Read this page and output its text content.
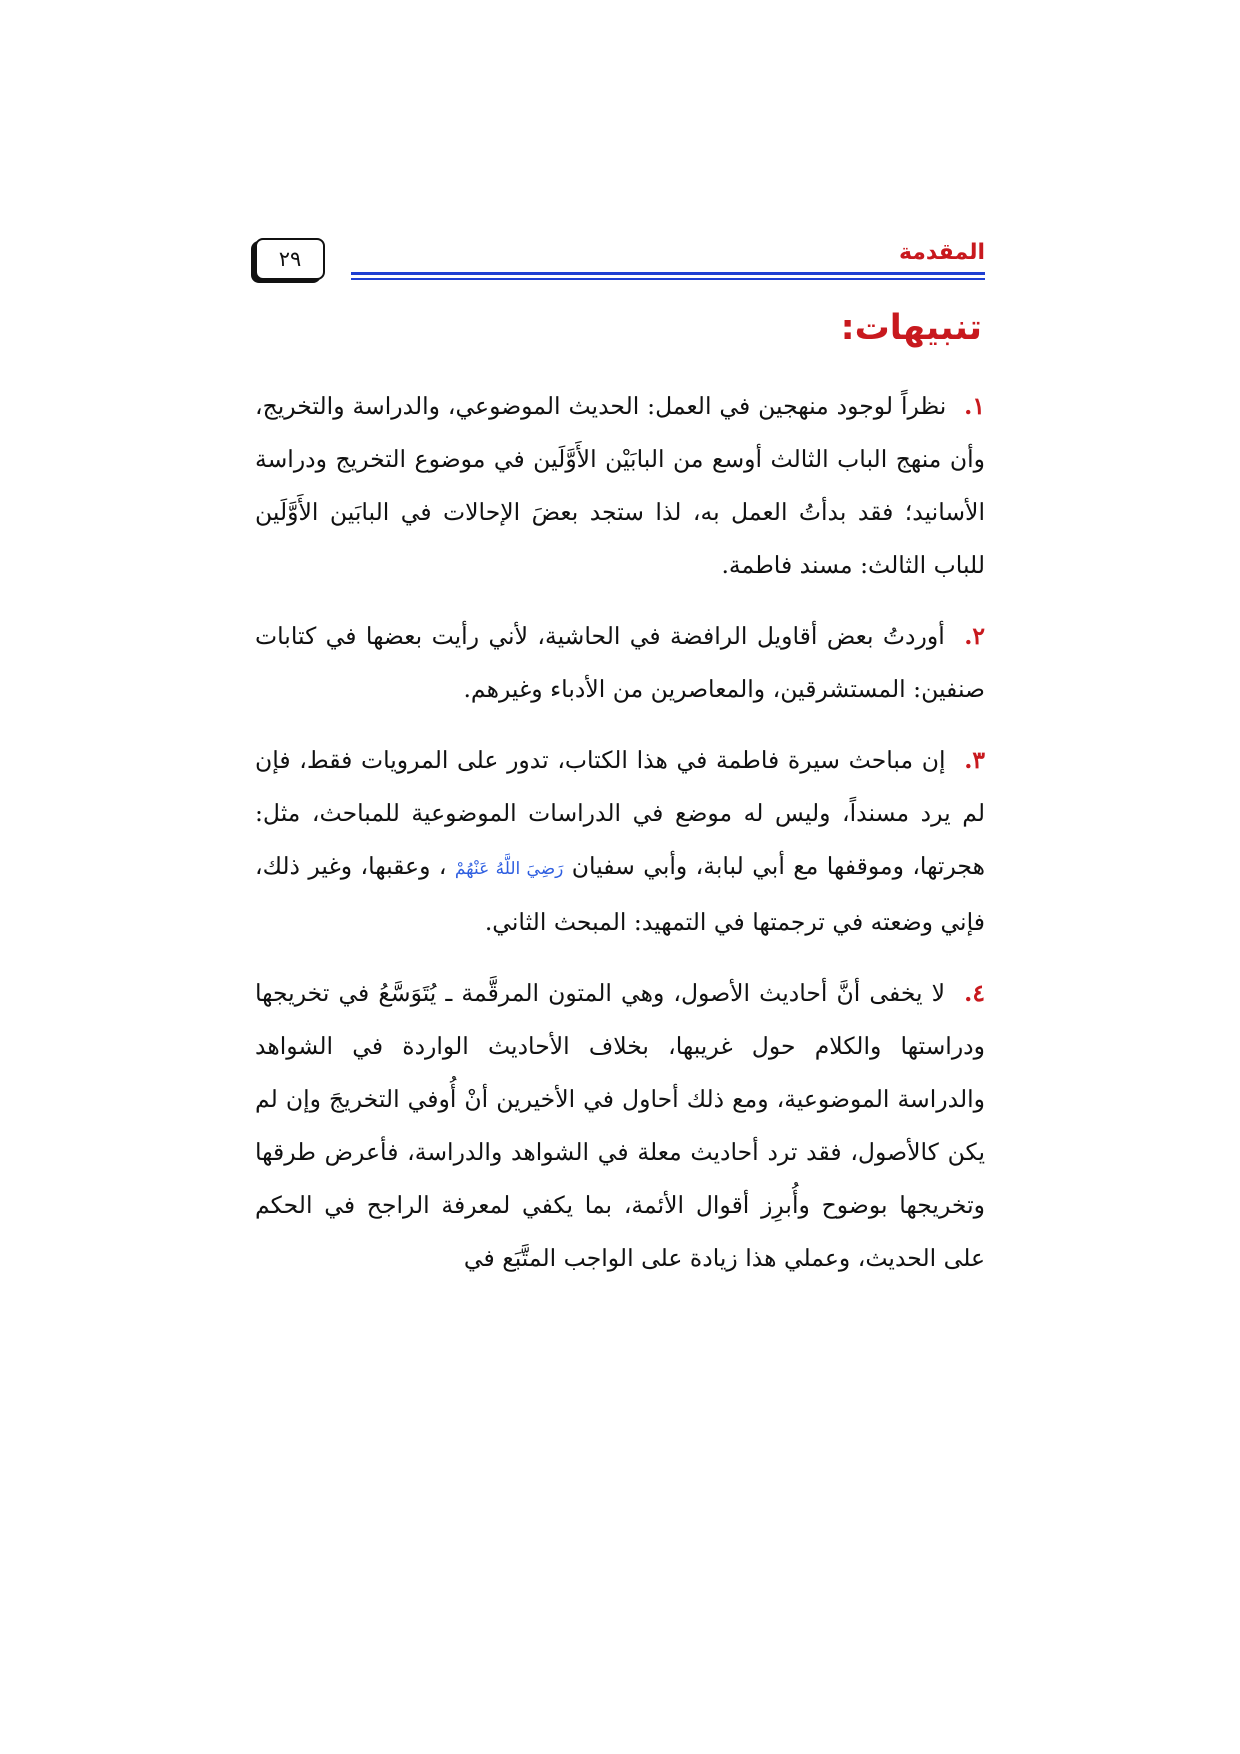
٢٩	المقدمة
تنبيهات:

١. نظراً لوجود منهجين في العمل: الحديث الموضوعي، والدراسة والتخريج، وأن منهج الباب الثالث أوسع من البابَيْن الأَوَّلَين في موضوع التخريج ودراسة الأسانيد؛ فقد بدأتُ العمل به، لذا ستجد بعضَ الإحالات في البابَين الأَوَّلَين للباب الثالث: مسند فاطمة.

٢. أوردتُ بعض أقاويل الرافضة في الحاشية، لأني رأيت بعضها في كتابات صنفين: المستشرقين، والمعاصرين من الأدباء وغيرهم.

٣. إن مباحث سيرة فاطمة في هذا الكتاب، تدور على المرويات فقط، فإن لم يرد مسنداً، وليس له موضع في الدراسات الموضوعية للمباحث، مثل: هجرتها، وموقفها مع أبي لبابة، وأبي سفيان رَضِيَ اللَّهُ عَنْهُمْ ، وعقبها، وغير ذلك، فإني وضعته في ترجمتها في التمهيد: المبحث الثاني.

٤. لا يخفى أنَّ أحاديث الأصول، وهي المتون المرقَّمة ـ يُتَوَسَّعُ في تخريجها ودراستها والكلام حول غريبها، بخلاف الأحاديث الواردة في الشواهد والدراسة الموضوعية، ومع ذلك أحاول في الأخيرين أنْ أُوفي التخريجَ وإن لم يكن كالأصول، فقد ترد أحاديث معلة في الشواهد والدراسة، فأعرض طرقها وتخريجها بوضوح وأُبرِز أقوال الأئمة، بما يكفي لمعرفة الراجح في الحكم على الحديث، وعملي هذا زيادة على الواجب المتَّبَع في
